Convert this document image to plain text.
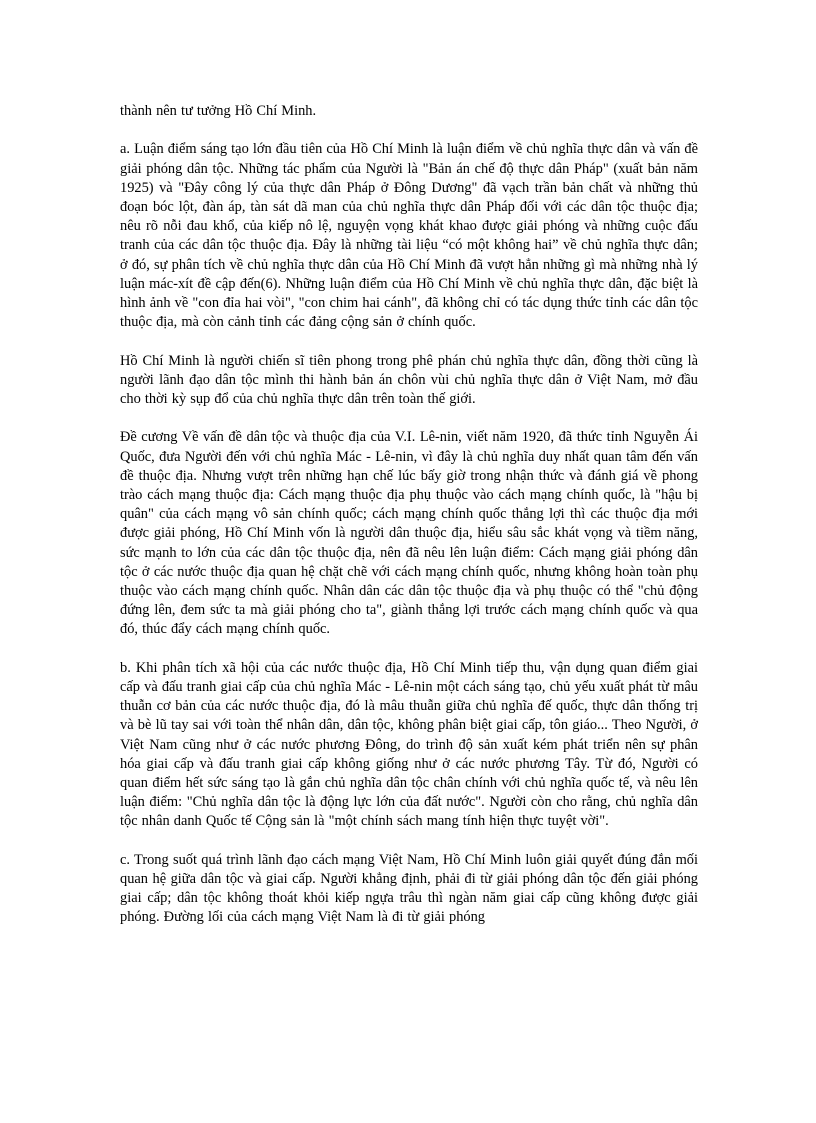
thành nên tư tưởng Hồ Chí Minh.

a. Luận điểm sáng tạo lớn đầu tiên của Hồ Chí Minh là luận điểm về chủ nghĩa thực dân và vấn đề giải phóng dân tộc. Những tác phẩm của Người là "Bản án chế độ thực dân Pháp" (xuất bản năm 1925) và "Đây công lý của thực dân Pháp ở Đông Dương" đã vạch trần bản chất và những thủ đoạn bóc lột, đàn áp, tàn sát dã man của chủ nghĩa thực dân Pháp đối với các dân tộc thuộc địa; nêu rõ nỗi đau khổ, của kiếp nô lệ, nguyện vọng khát khao được giải phóng và những cuộc đấu tranh của các dân tộc thuộc địa. Đây là những tài liệu “có một không hai” về chủ nghĩa thực dân; ở đó, sự phân tích về chủ nghĩa thực dân của Hồ Chí Minh đã vượt hẳn những gì mà những nhà lý luận mác-xít đề cập đến(6). Những luận điểm của Hồ Chí Minh về chủ nghĩa thực dân, đặc biệt là hình ảnh về "con đỉa hai vòi", "con chim hai cánh", đã không chỉ có tác dụng thức tỉnh các dân tộc thuộc địa, mà còn cảnh tỉnh các đảng cộng sản ở chính quốc.

Hồ Chí Minh là người chiến sĩ tiên phong trong phê phán chủ nghĩa thực dân, đồng thời cũng là người lãnh đạo dân tộc mình thi hành bản án chôn vùi chủ nghĩa thực dân ở Việt Nam, mở đầu cho thời kỳ sụp đổ của chủ nghĩa thực dân trên toàn thế giới.

Đề cương Về vấn đề dân tộc và thuộc địa của V.I. Lê-nin, viết năm 1920, đã thức tỉnh Nguyễn Ái Quốc, đưa Người đến với chủ nghĩa Mác - Lê-nin, vì đây là chủ nghĩa duy nhất quan tâm đến vấn đề thuộc địa. Nhưng vượt trên những hạn chế lúc bấy giờ trong nhận thức và đánh giá về phong trào cách mạng thuộc địa: Cách mạng thuộc địa phụ thuộc vào cách mạng chính quốc, là "hậu bị quân" của cách mạng vô sản chính quốc; cách mạng chính quốc thắng lợi thì các thuộc địa mới được giải phóng, Hồ Chí Minh vốn là người dân thuộc địa, hiểu sâu sắc khát vọng và tiềm năng, sức mạnh to lớn của các dân tộc thuộc địa, nên đã nêu lên luận điểm: Cách mạng giải phóng dân tộc ở các nước thuộc địa quan hệ chặt chẽ với cách mạng chính quốc, nhưng không hoàn toàn phụ thuộc vào cách mạng chính quốc. Nhân dân các dân tộc thuộc địa và phụ thuộc có thể "chủ động đứng lên, đem sức ta mà giải phóng cho ta", giành thắng lợi trước cách mạng chính quốc và qua đó, thúc đẩy cách mạng chính quốc.

b. Khi phân tích xã hội của các nước thuộc địa, Hồ Chí Minh tiếp thu, vận dụng quan điểm giai cấp và đấu tranh giai cấp của chủ nghĩa Mác - Lê-nin một cách sáng tạo, chủ yếu xuất phát từ mâu thuẫn cơ bản của các nước thuộc địa, đó là mâu thuẫn giữa chủ nghĩa đế quốc, thực dân thống trị và bè lũ tay sai với toàn thể nhân dân, dân tộc, không phân biệt giai cấp, tôn giáo... Theo Người, ở Việt Nam cũng như ở các nước phương Đông, do trình độ sản xuất kém phát triển nên sự phân hóa giai cấp và đấu tranh giai cấp không giống như ở các nước phương Tây. Từ đó, Người có quan điểm hết sức sáng tạo là gắn chủ nghĩa dân tộc chân chính với chủ nghĩa quốc tế, và nêu lên luận điểm: "Chủ nghĩa dân tộc là động lực lớn của đất nước". Người còn cho rằng, chủ nghĩa dân tộc nhân danh Quốc tế Cộng sản là "một chính sách mang tính hiện thực tuyệt vời".

c. Trong suốt quá trình lãnh đạo cách mạng Việt Nam, Hồ Chí Minh luôn giải quyết đúng đắn mối quan hệ giữa dân tộc và giai cấp. Người khẳng định, phải đi từ giải phóng dân tộc đến giải phóng giai cấp; dân tộc không thoát khỏi kiếp ngựa trâu thì ngàn năm giai cấp cũng không được giải phóng. Đường lối của cách mạng Việt Nam là đi từ giải phóng
